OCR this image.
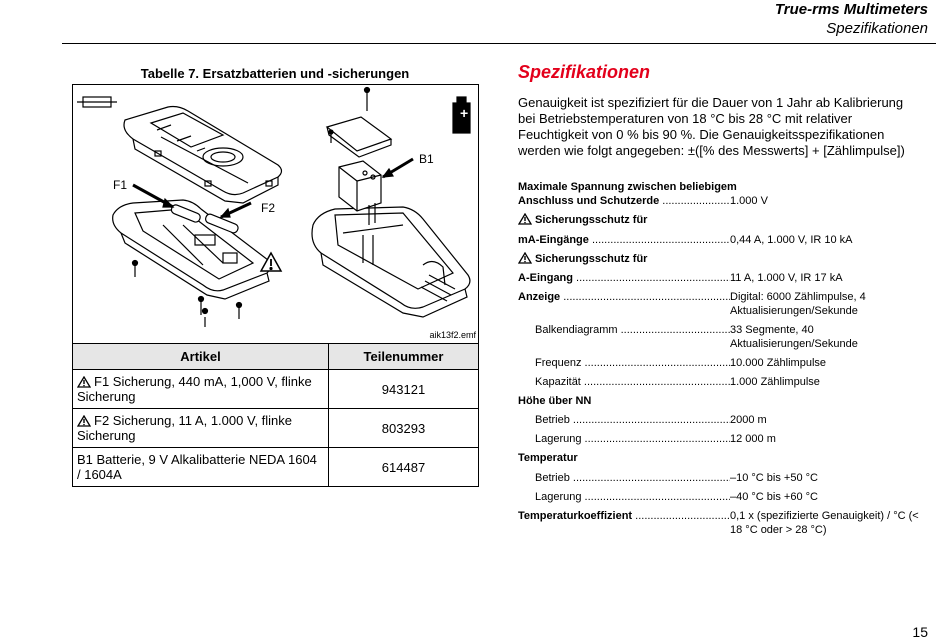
True-rms Multimeters
Spezifikationen
Tabelle 7. Ersatzbatterien und -sicherungen
+
F1
F2
B1
aik13f2.emf
Artikel	Teilenummer
F1 Sicherung, 440 mA, 1,000 V, flinke Sicherung	943121
F2 Sicherung, 11 A, 1.000 V, flinke Sicherung	803293
B1 Batterie, 9 V Alkalibatterie NEDA 1604 / 1604A	614487
Spezifikationen
Genauigkeit ist spezifiziert für die Dauer von 1 Jahr ab Kalibrierung bei Betriebstemperaturen von 18 °C bis 28 °C mit relativer Feuchtigkeit von 0 % bis 90 %. Die Genauigkeitsspezifikationen werden wie folgt angegeben: ±([% des Messwerts] + [Zählimpulse])
Maximale Spannung zwischen beliebigem
Anschluss und Schutzerde .....	1.000 V
Sicherungsschutz für
mA-Eingänge .....	0,44 A, 1.000 V, IR 10 kA
Sicherungsschutz für
A-Eingang .....	11 A, 1.000 V, IR 17 kA
Anzeige .....	Digital: 6000 Zählimpulse, 4 Aktualisierungen/Sekunde
Balkendiagramm .....	33 Segmente, 40 Aktualisierungen/Sekunde
Frequenz .....	10.000 Zählimpulse
Kapazität .....	1.000 Zählimpulse
Höhe über NN
Betrieb .....	2000 m
Lagerung .....	12 000 m
Temperatur
Betrieb .....	–10 °C bis +50 °C
Lagerung .....	–40 °C bis +60 °C
Temperaturkoeffizient .....	0,1 x (spezifizierte Genauigkeit) / °C (< 18 °C oder > 28 °C)
15
